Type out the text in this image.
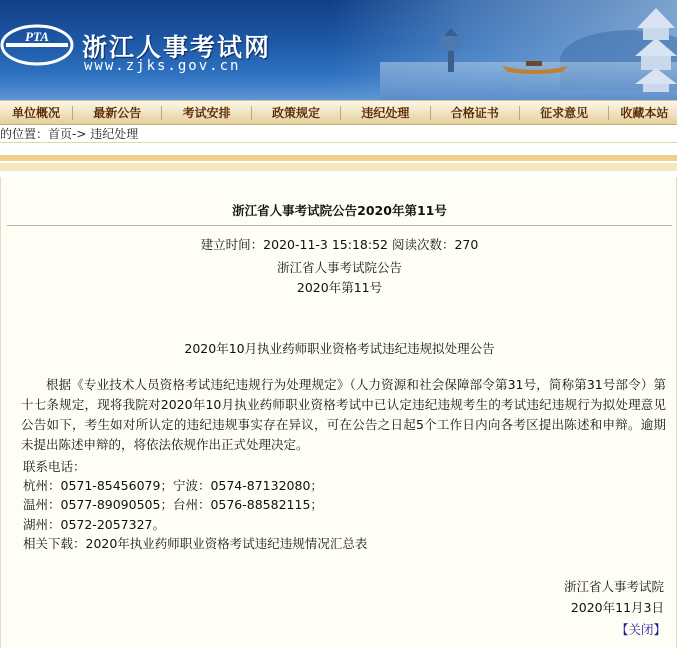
PTA 浙江人事考试网
www.zjks.gov.cn
单位概况	最新公告	考试安排	政策规定	违纪处理	合格证书	征求意见	收藏本站
的位置：首页-> 违纪处理
浙江省人事考试院公告2020年第11号
建立时间：2020-11-3 15:18:52 阅读次数：270
浙江省人事考试院公告
2020年第11号
2020年10月执业药师职业资格考试违纪违规拟处理公告

根据《专业技术人员资格考试违纪违规行为处理规定》（人力资源和社会保障部令第31号，简称第31号部令）第十七条规定，现将我院对2020年10月执业药师职业资格考试中已认定违纪违规考生的考试违纪违规行为拟处理意见公告如下，考生如对所认定的违纪违规事实存在异议，可在公告之日起5个工作日内向各考区提出陈述和申辩。逾期未提出陈述申辩的，将依法依规作出正式处理决定。

联系电话：
杭州：0571-85456079；宁波：0574-87132080；
温州：0577-89090505；台州：0576-88582115；
湖州：0572-2057327。
相关下载：2020年执业药师职业资格考试违纪违规情况汇总表
浙江省人事考试院
2020年11月3日
【关闭】
